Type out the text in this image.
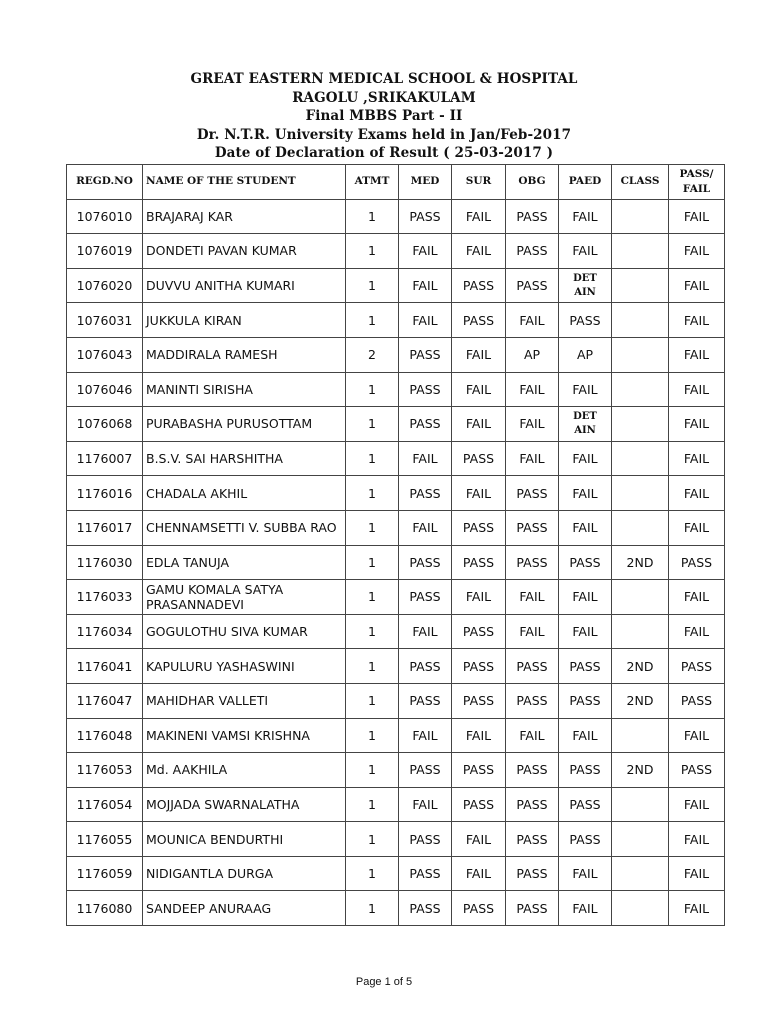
GREAT EASTERN MEDICAL SCHOOL & HOSPITAL
RAGOLU ,SRIKAKULAM
Final MBBS Part - II
Dr. N.T.R. University Exams held in Jan/Feb-2017
Date of Declaration of Result ( 25-03-2017 )
REGD.NO	NAME OF THE STUDENT	ATMT	MED	SUR	OBG	PAED	CLASS	PASS/ FAIL
1076010	BRAJARAJ KAR	1	PASS	FAIL	PASS	FAIL		FAIL
1076019	DONDETI PAVAN KUMAR	1	FAIL	FAIL	PASS	FAIL		FAIL
1076020	DUVVU ANITHA KUMARI	1	FAIL	PASS	PASS	DET AIN		FAIL
1076031	JUKKULA KIRAN	1	FAIL	PASS	FAIL	PASS		FAIL
1076043	MADDIRALA RAMESH	2	PASS	FAIL	AP	AP		FAIL
1076046	MANINTI SIRISHA	1	PASS	FAIL	FAIL	FAIL		FAIL
1076068	PURABASHA PURUSOTTAM	1	PASS	FAIL	FAIL	DET AIN		FAIL
1176007	B.S.V. SAI HARSHITHA	1	FAIL	PASS	FAIL	FAIL		FAIL
1176016	CHADALA AKHIL	1	PASS	FAIL	PASS	FAIL		FAIL
1176017	CHENNAMSETTI V. SUBBA RAO	1	FAIL	PASS	PASS	FAIL		FAIL
1176030	EDLA TANUJA	1	PASS	PASS	PASS	PASS	2ND	PASS
1176033	GAMU KOMALA SATYA PRASANNADEVI	1	PASS	FAIL	FAIL	FAIL		FAIL
1176034	GOGULOTHU SIVA KUMAR	1	FAIL	PASS	FAIL	FAIL		FAIL
1176041	KAPULURU YASHASWINI	1	PASS	PASS	PASS	PASS	2ND	PASS
1176047	MAHIDHAR VALLETI	1	PASS	PASS	PASS	PASS	2ND	PASS
1176048	MAKINENI VAMSI KRISHNA	1	FAIL	FAIL	FAIL	FAIL		FAIL
1176053	Md. AAKHILA	1	PASS	PASS	PASS	PASS	2ND	PASS
1176054	MOJJADA SWARNALATHA	1	FAIL	PASS	PASS	PASS		FAIL
1176055	MOUNICA BENDURTHI	1	PASS	FAIL	PASS	PASS		FAIL
1176059	NIDIGANTLA DURGA	1	PASS	FAIL	PASS	FAIL		FAIL
1176080	SANDEEP ANURAAG	1	PASS	PASS	PASS	FAIL		FAIL
Page 1 of 5
